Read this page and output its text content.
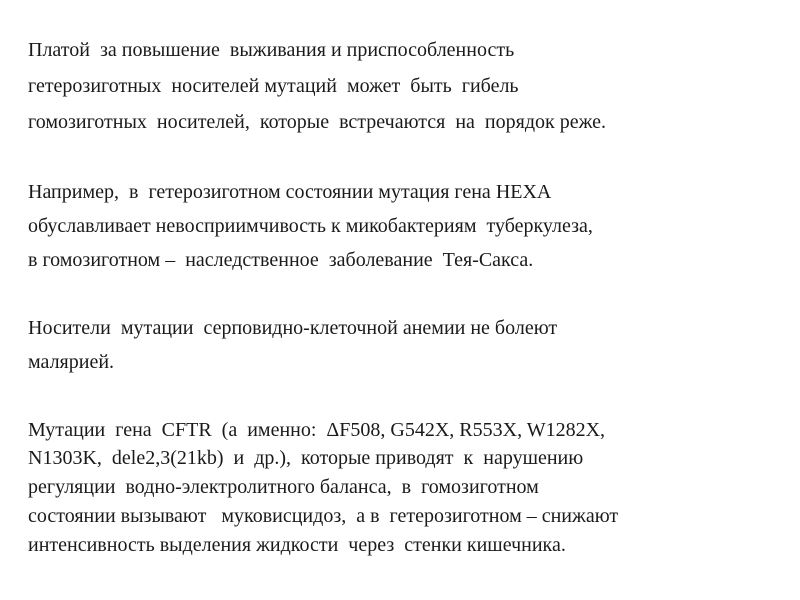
Платой  за повышение  выживания и приспособленность
гетерозиготных  носителей мутаций  может  быть  гибель
гомозиготных  носителей,  которые  встречаются  на  порядок реже.
Например,  в  гетерозиготном состоянии мутация гена НЕХА
обуславливает невосприимчивость к микобактериям  туберкулеза,
в гомозиготном –  наследственное  заболевание  Тея-Сакса.
Носители  мутации  серповидно-клеточной анемии не болеют
малярией.
Мутации  гена  CFTR  (а  именно:  ΔF508, G542X, R553X, W1282X,
N1303K,  dele2,3(21kb)  и  др.),  которые приводят  к  нарушению
регуляции  водно-электролитного баланса,  в  гомозиготном
состоянии вызывают   муковисцидоз,  а в  гетерозиготном – снижают
интенсивность выделения жидкости  через  стенки кишечника.
